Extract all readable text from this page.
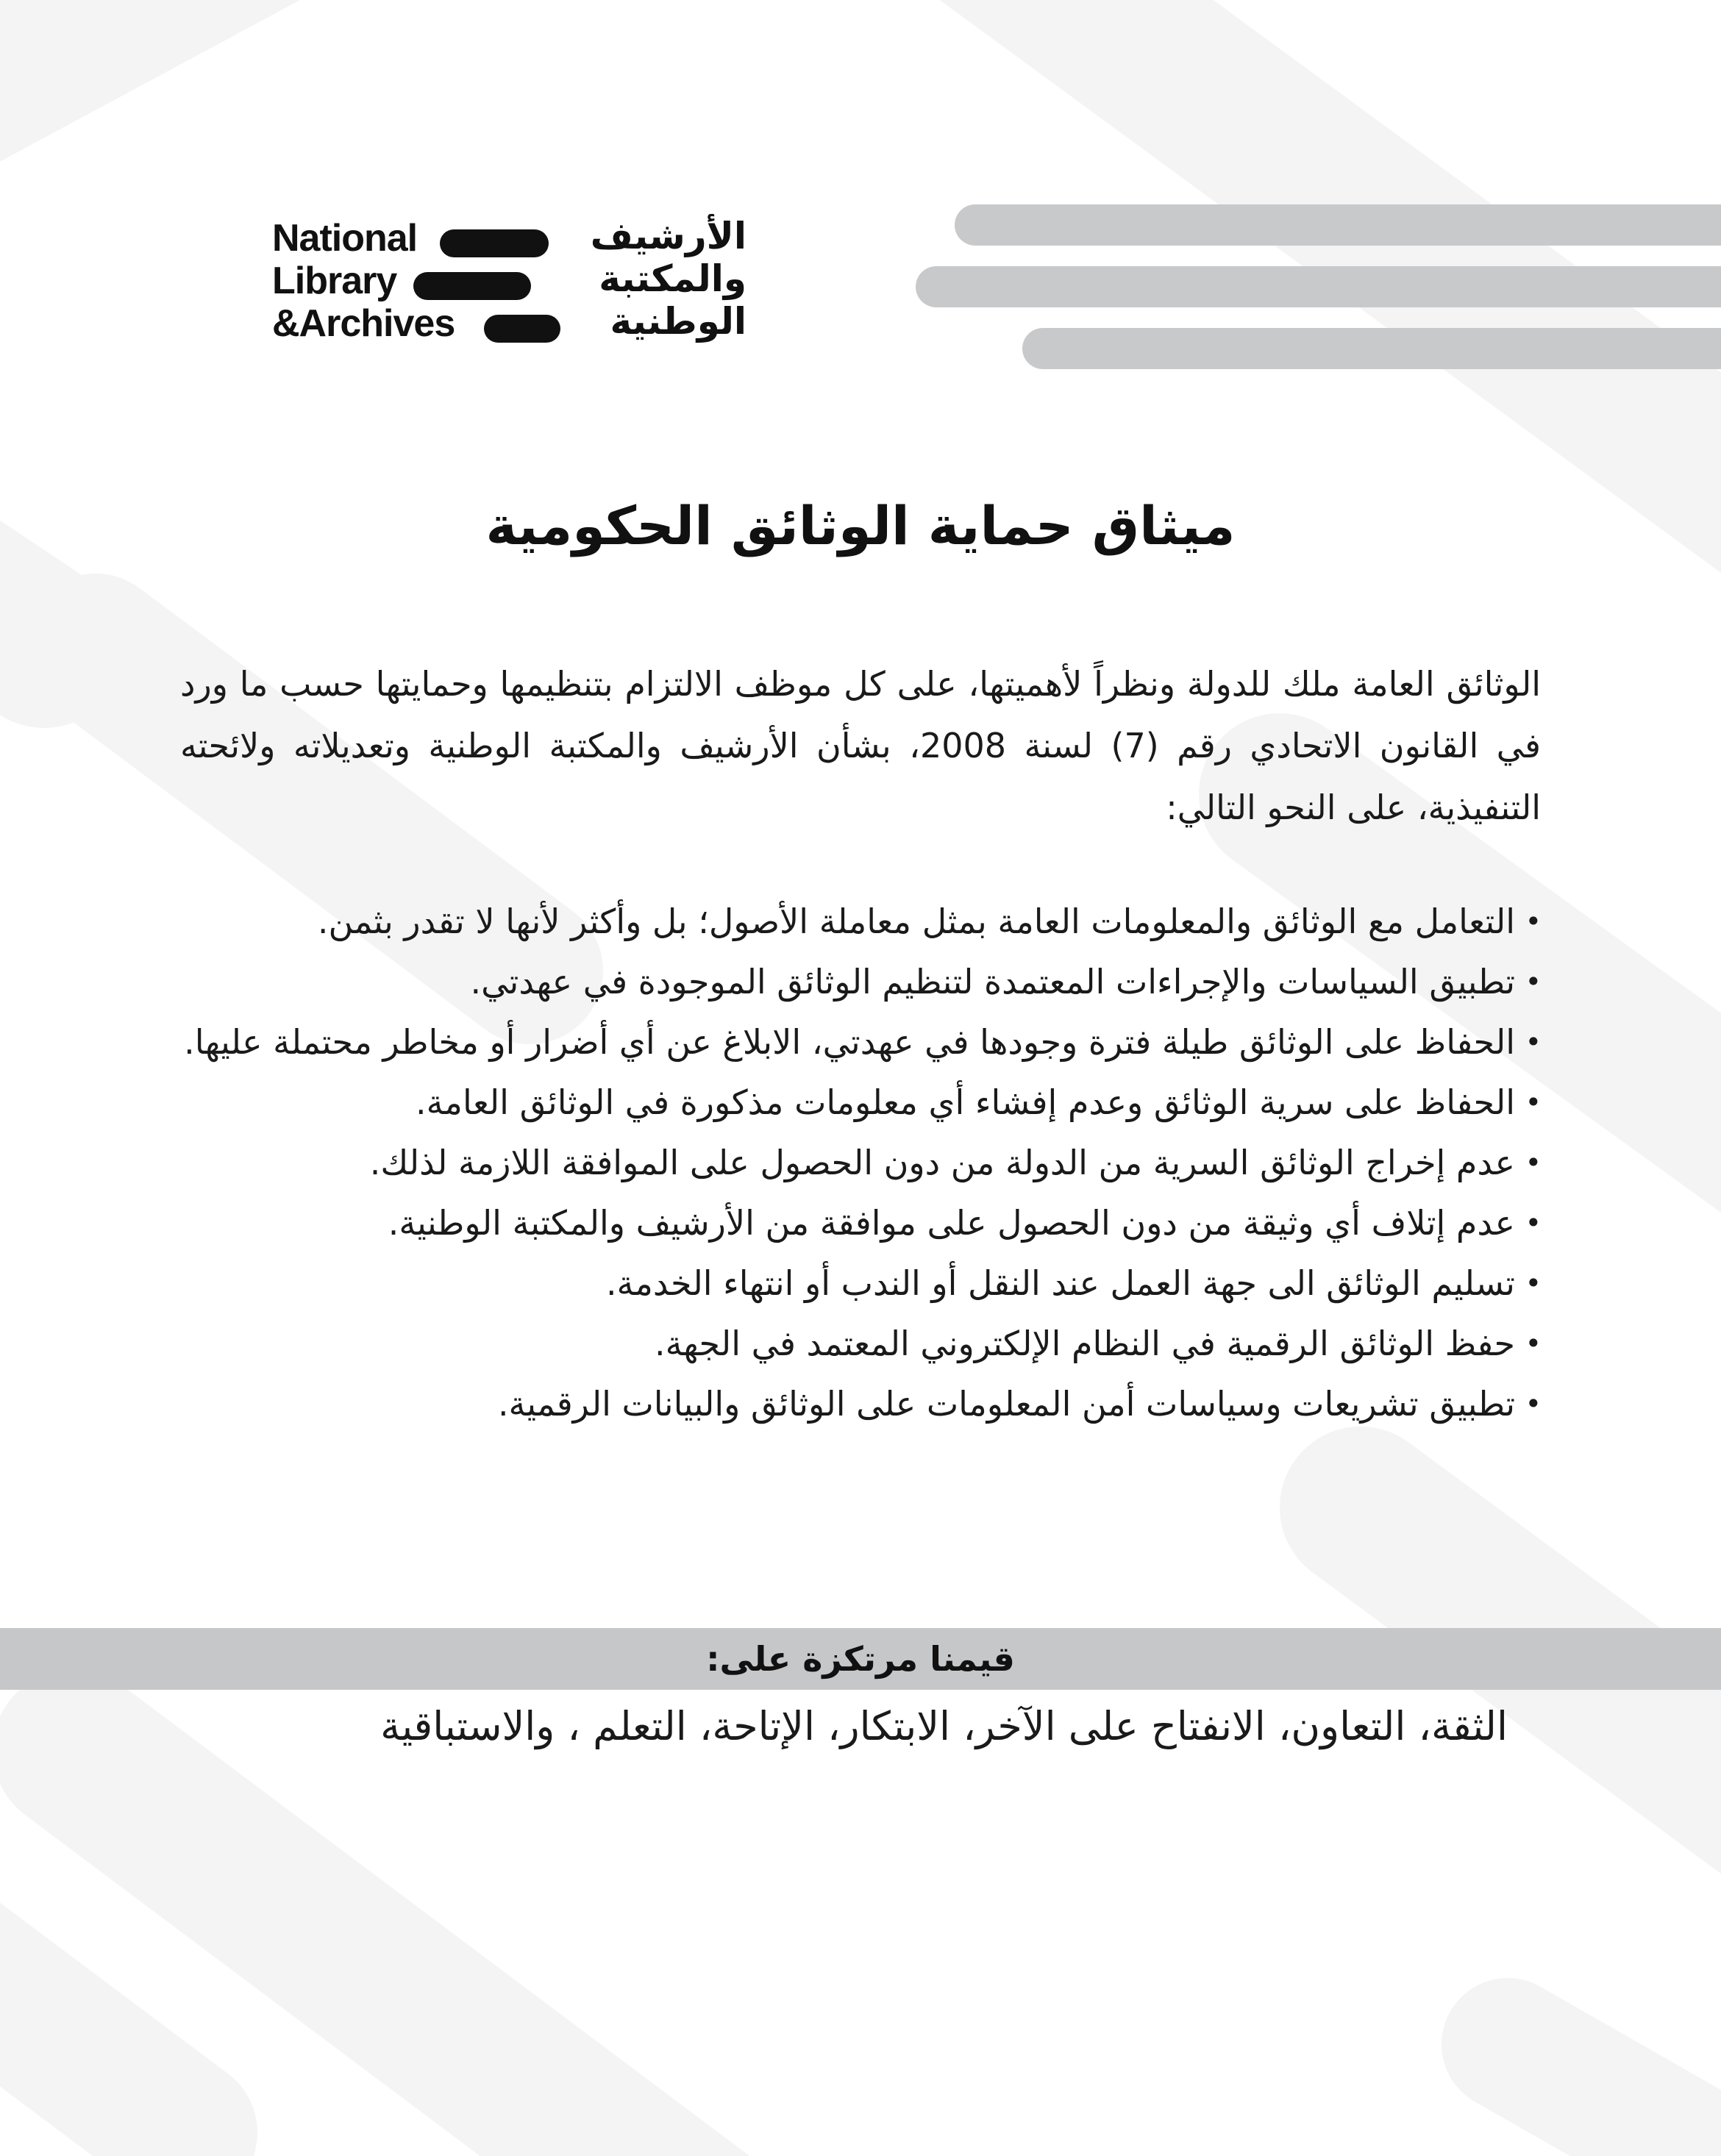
National
Library
&Archives
الأرشيف
والمكتبة
الوطنية
ميثاق حماية الوثائق الحكومية
الوثائق العامة ملك للدولة ونظراً لأهميتها، على كل موظف الالتزام بتنظيمها وحمايتها حسب ما ورد في القانون الاتحادي رقم (7) لسنة 2008، بشأن الأرشيف والمكتبة الوطنية وتعديلاته ولائحته التنفيذية، على النحو التالي:
•
التعامل مع الوثائق والمعلومات العامة بمثل معاملة الأصول؛ بل وأكثر لأنها لا تقدر بثمن.
•
تطبيق السياسات والإجراءات المعتمدة لتنظيم الوثائق الموجودة في عهدتي.
•
الحفاظ على الوثائق طيلة فترة وجودها في عهدتي، الابلاغ عن أي أضرار أو مخاطر محتملة عليها.
•
الحفاظ على سرية الوثائق وعدم إفشاء أي معلومات مذكورة في الوثائق العامة.
•
عدم إخراج الوثائق السرية من الدولة من دون الحصول على الموافقة اللازمة لذلك.
•
عدم إتلاف أي وثيقة من دون الحصول على موافقة من الأرشيف والمكتبة الوطنية.
•
تسليم الوثائق الى جهة العمل عند النقل أو الندب أو انتهاء الخدمة.
•
حفظ الوثائق الرقمية في النظام الإلكتروني المعتمد في الجهة.
•
تطبيق تشريعات وسياسات أمن المعلومات على الوثائق والبيانات الرقمية.
قيمنا مرتكزة على:
الثقة، التعاون، الانفتاح على الآخر، الابتكار، الإتاحة، التعلم ، والاستباقية
